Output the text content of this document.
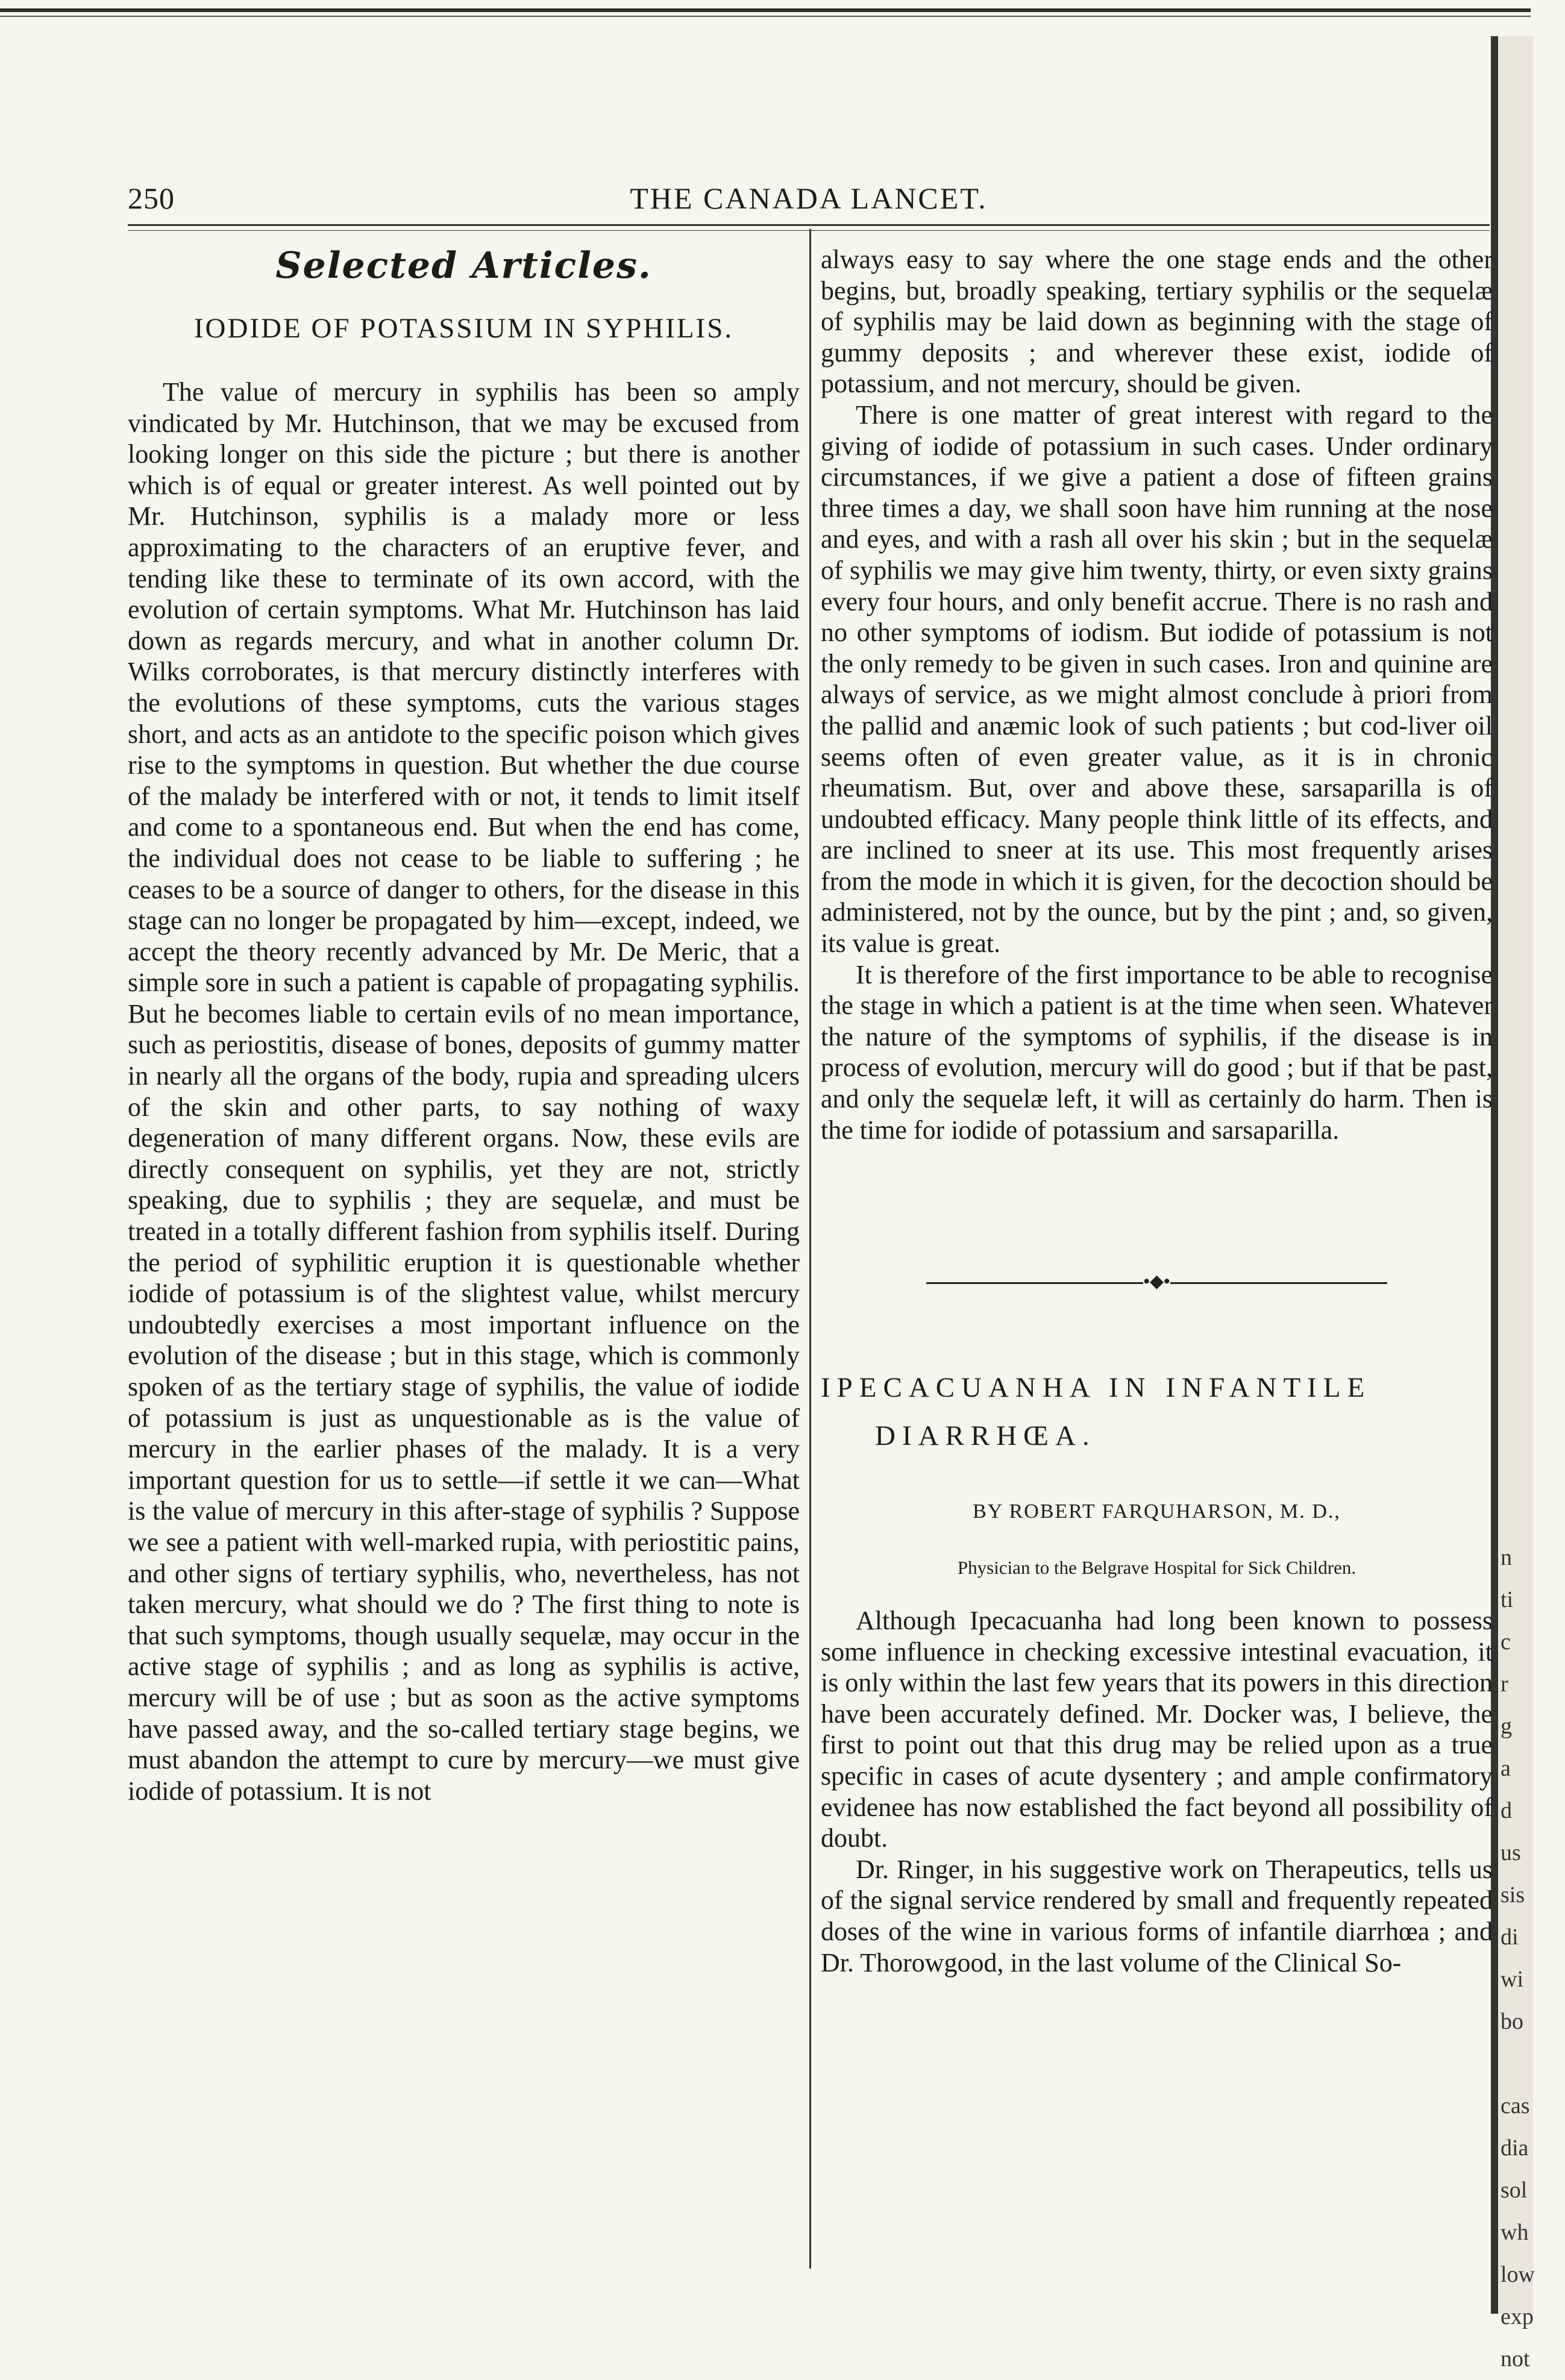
n
ti
c
r
g
a
d
us
sis
di
wi
bo

cas
dia
sol
wh
low
exp
not
250	THE CANADA LANCET.
Selected Articles.
IODIDE OF POTASSIUM IN SYPHILIS.

The value of mercury in syphilis has been so amply vindicated by Mr. Hutchinson, that we may be excused from looking longer on this side the picture ; but there is another which is of equal or greater interest. As well pointed out by Mr. Hutchinson, syphilis is a malady more or less approximating to the characters of an eruptive fever, and tending like these to terminate of its own accord, with the evolution of certain symptoms. What Mr. Hutchinson has laid down as regards mercury, and what in another column Dr. Wilks corroborates, is that mercury distinctly interferes with the evolutions of these symptoms, cuts the various stages short, and acts as an antidote to the specific poison which gives rise to the symptoms in question. But whether the due course of the malady be interfered with or not, it tends to limit itself and come to a spontaneous end. But when the end has come, the individual does not cease to be liable to suffering ; he ceases to be a source of danger to others, for the disease in this stage can no longer be propagated by him—except, indeed, we accept the theory recently advanced by Mr. De Meric, that a simple sore in such a patient is capable of propagating syphilis. But he becomes liable to certain evils of no mean importance, such as periostitis, disease of bones, deposits of gummy matter in nearly all the organs of the body, rupia and spreading ulcers of the skin and other parts, to say nothing of waxy degeneration of many different organs. Now, these evils are directly consequent on syphilis, yet they are not, strictly speaking, due to syphilis ; they are sequelæ, and must be treated in a totally different fashion from syphilis itself. During the period of syphilitic eruption it is questionable whether iodide of potassium is of the slightest value, whilst mercury undoubtedly exercises a most important influence on the evolution of the disease ; but in this stage, which is commonly spoken of as the tertiary stage of syphilis, the value of iodide of potassium is just as unquestionable as is the value of mercury in the earlier phases of the malady. It is a very important question for us to settle—if settle it we can—What is the value of mercury in this after-stage of syphilis ? Suppose we see a patient with well-marked rupia, with periostitic pains, and other signs of tertiary syphilis, who, nevertheless, has not taken mercury, what should we do ? The first thing to note is that such symptoms, though usually sequelæ, may occur in the active stage of syphilis ; and as long as syphilis is active, mercury will be of use ; but as soon as the active symptoms have passed away, and the so-called tertiary stage begins, we must abandon the attempt to cure by mercury—we must give iodide of potassium. It is not

always easy to say where the one stage ends and the other begins, but, broadly speaking, tertiary syphilis or the sequelæ of syphilis may be laid down as beginning with the stage of gummy deposits ; and wherever these exist, iodide of potassium, and not mercury, should be given.

There is one matter of great interest with regard to the giving of iodide of potassium in such cases. Under ordinary circumstances, if we give a patient a dose of fifteen grains three times a day, we shall soon have him running at the nose and eyes, and with a rash all over his skin ; but in the sequelæ of syphilis we may give him twenty, thirty, or even sixty grains every four hours, and only benefit accrue. There is no rash and no other symptoms of iodism. But iodide of potassium is not the only remedy to be given in such cases. Iron and quinine are always of service, as we might almost conclude à priori from the pallid and anæmic look of such patients ; but cod-liver oil seems often of even greater value, as it is in chronic rheumatism. But, over and above these, sarsaparilla is of undoubted efficacy. Many people think little of its effects, and are inclined to sneer at its use. This most frequently arises from the mode in which it is given, for the decoction should be administered, not by the ounce, but by the pint ; and, so given, its value is great.

It is therefore of the first importance to be able to recognise the stage in which a patient is at the time when seen. Whatever the nature of the symptoms of syphilis, if the disease is in process of evolution, mercury will do good ; but if that be past, and only the sequelæ left, it will as certainly do harm. Then is the time for iodide of potassium and sarsaparilla.

•◆•
IPECACUANHA IN INFANTILE
DIARRHŒA.
BY ROBERT FARQUHARSON, M. D.,
Physician to the Belgrave Hospital for Sick Children.

Although Ipecacuanha had long been known to possess some influence in checking excessive intestinal evacuation, it is only within the last few years that its powers in this direction have been accurately defined. Mr. Docker was, I believe, the first to point out that this drug may be relied upon as a true specific in cases of acute dysentery ; and ample confirmatory evidenee has now established the fact beyond all possibility of doubt.

Dr. Ringer, in his suggestive work on Therapeutics, tells us of the signal service rendered by small and frequently repeated doses of the wine in various forms of infantile diarrhœa ; and Dr. Thorowgood, in the last volume of the Clinical So-
